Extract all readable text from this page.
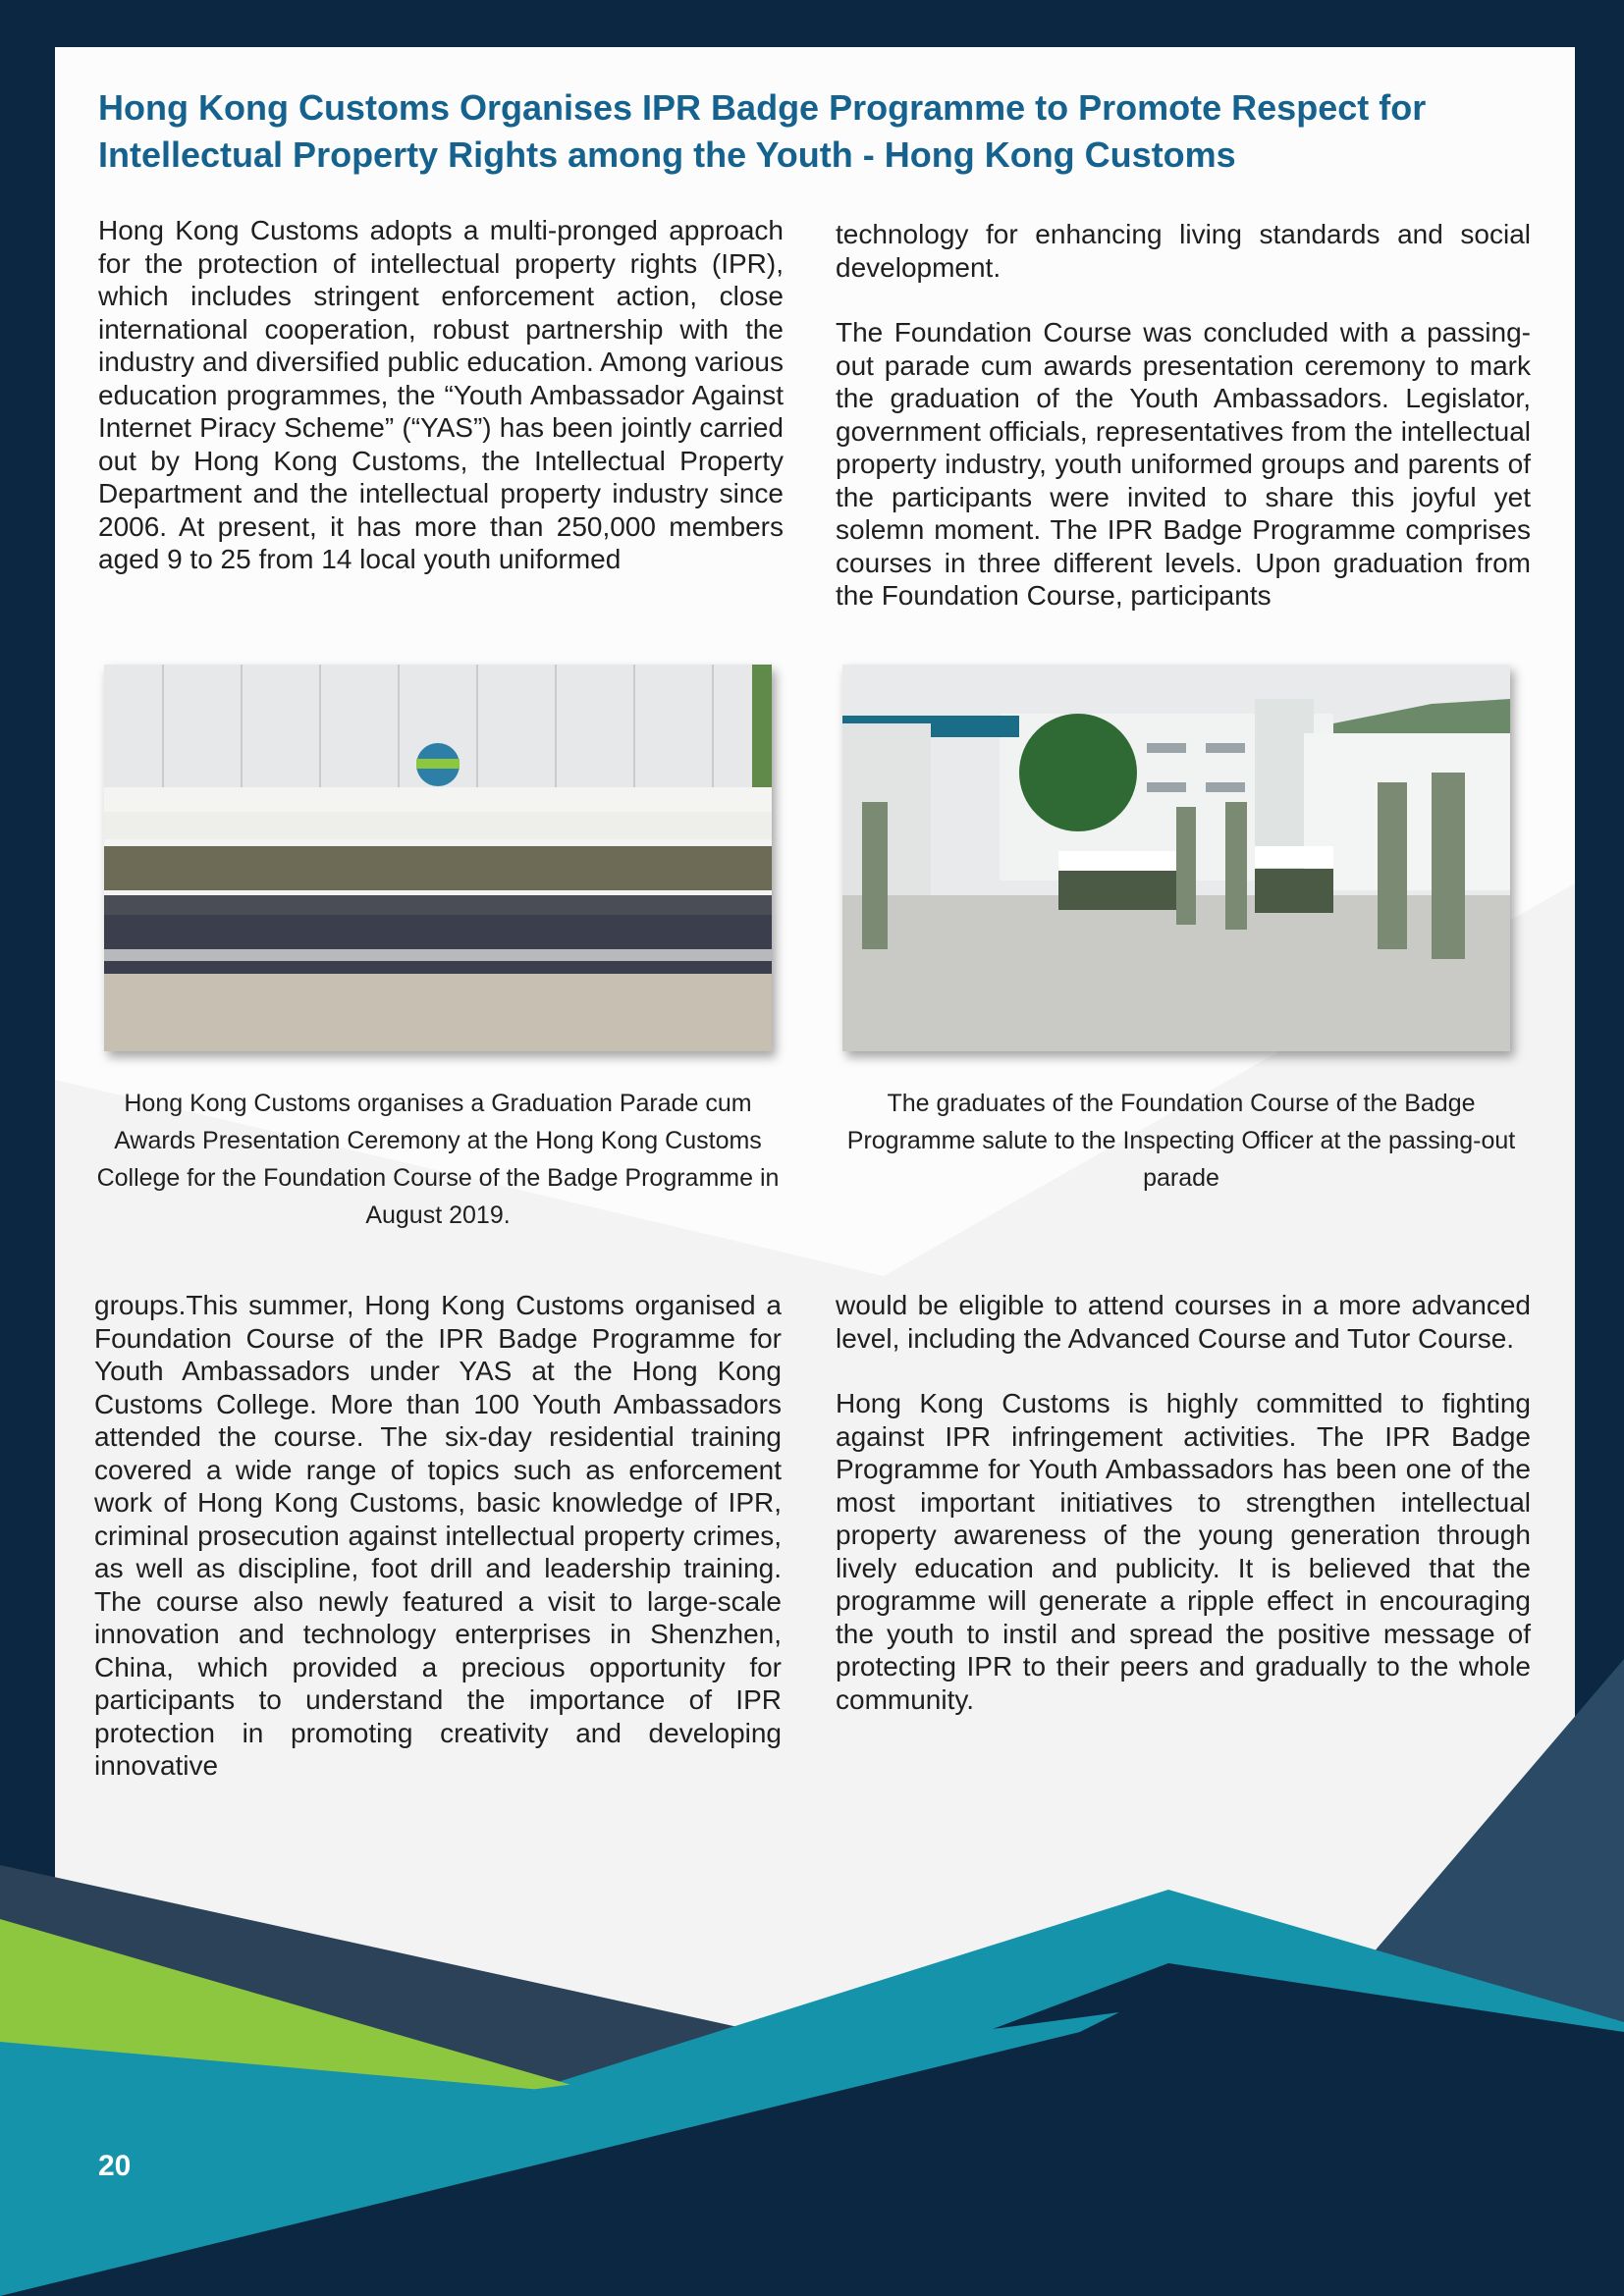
Hong Kong Customs Organises IPR Badge Programme to Promote Respect for Intellectual Property Rights among the Youth - Hong Kong Customs

Hong Kong Customs adopts a multi-pronged approach for the protection of intellectual property rights (IPR), which includes stringent enforcement action, close international cooperation, robust partnership with the industry and diversified public education. Among various education programmes, the “Youth Ambassador Against Internet Piracy Scheme” (“YAS”) has been jointly carried out by Hong Kong Customs, the Intellectual Property Department and the intellectual property industry since 2006. At present, it has more than 250,000 members aged 9 to 25 from 14 local youth uniformed

technology for enhancing living standards and social development.

The Foundation Course was concluded with a passing-out parade cum awards presentation ceremony to mark the graduation of the Youth Ambassadors. Legislator, government officials, representatives from the intellectual property industry, youth uniformed groups and parents of the participants were invited to share this joyful yet solemn moment. The IPR Badge Programme comprises courses in three different levels. Upon graduation from the Foundation Course, participants

Hong Kong Customs organises a Graduation Parade cum Awards Presentation Ceremony at the Hong Kong Customs College for the Foundation Course of the Badge Programme in August 2019.
The graduates of the Foundation Course of the Badge Programme salute to the Inspecting Officer at the passing-out parade

groups.This summer, Hong Kong Customs organised a Foundation Course of the IPR Badge Programme for Youth Ambassadors under YAS at the Hong Kong Customs College. More than 100 Youth Ambassadors attended the course. The six-day residential training covered a wide range of topics such as enforcement work of Hong Kong Customs, basic knowledge of IPR, criminal prosecution against intellectual property crimes, as well as discipline, foot drill and leadership training. The course also newly featured a visit to large-scale innovation and technology enterprises in Shenzhen, China, which provided a precious opportunity for participants to understand the importance of IPR protection in promoting creativity and developing innovative

would be eligible to attend courses in a more advanced level, including the Advanced Course and Tutor Course.

Hong Kong Customs is highly committed to fighting against IPR infringement activities. The IPR Badge Programme for Youth Ambassadors has been one of the most important initiatives to strengthen intellectual property awareness of the young generation through lively education and publicity. It is believed that the programme will generate a ripple effect in encouraging the youth to instil and spread the positive message of protecting IPR to their peers and gradually to the whole community.

20
